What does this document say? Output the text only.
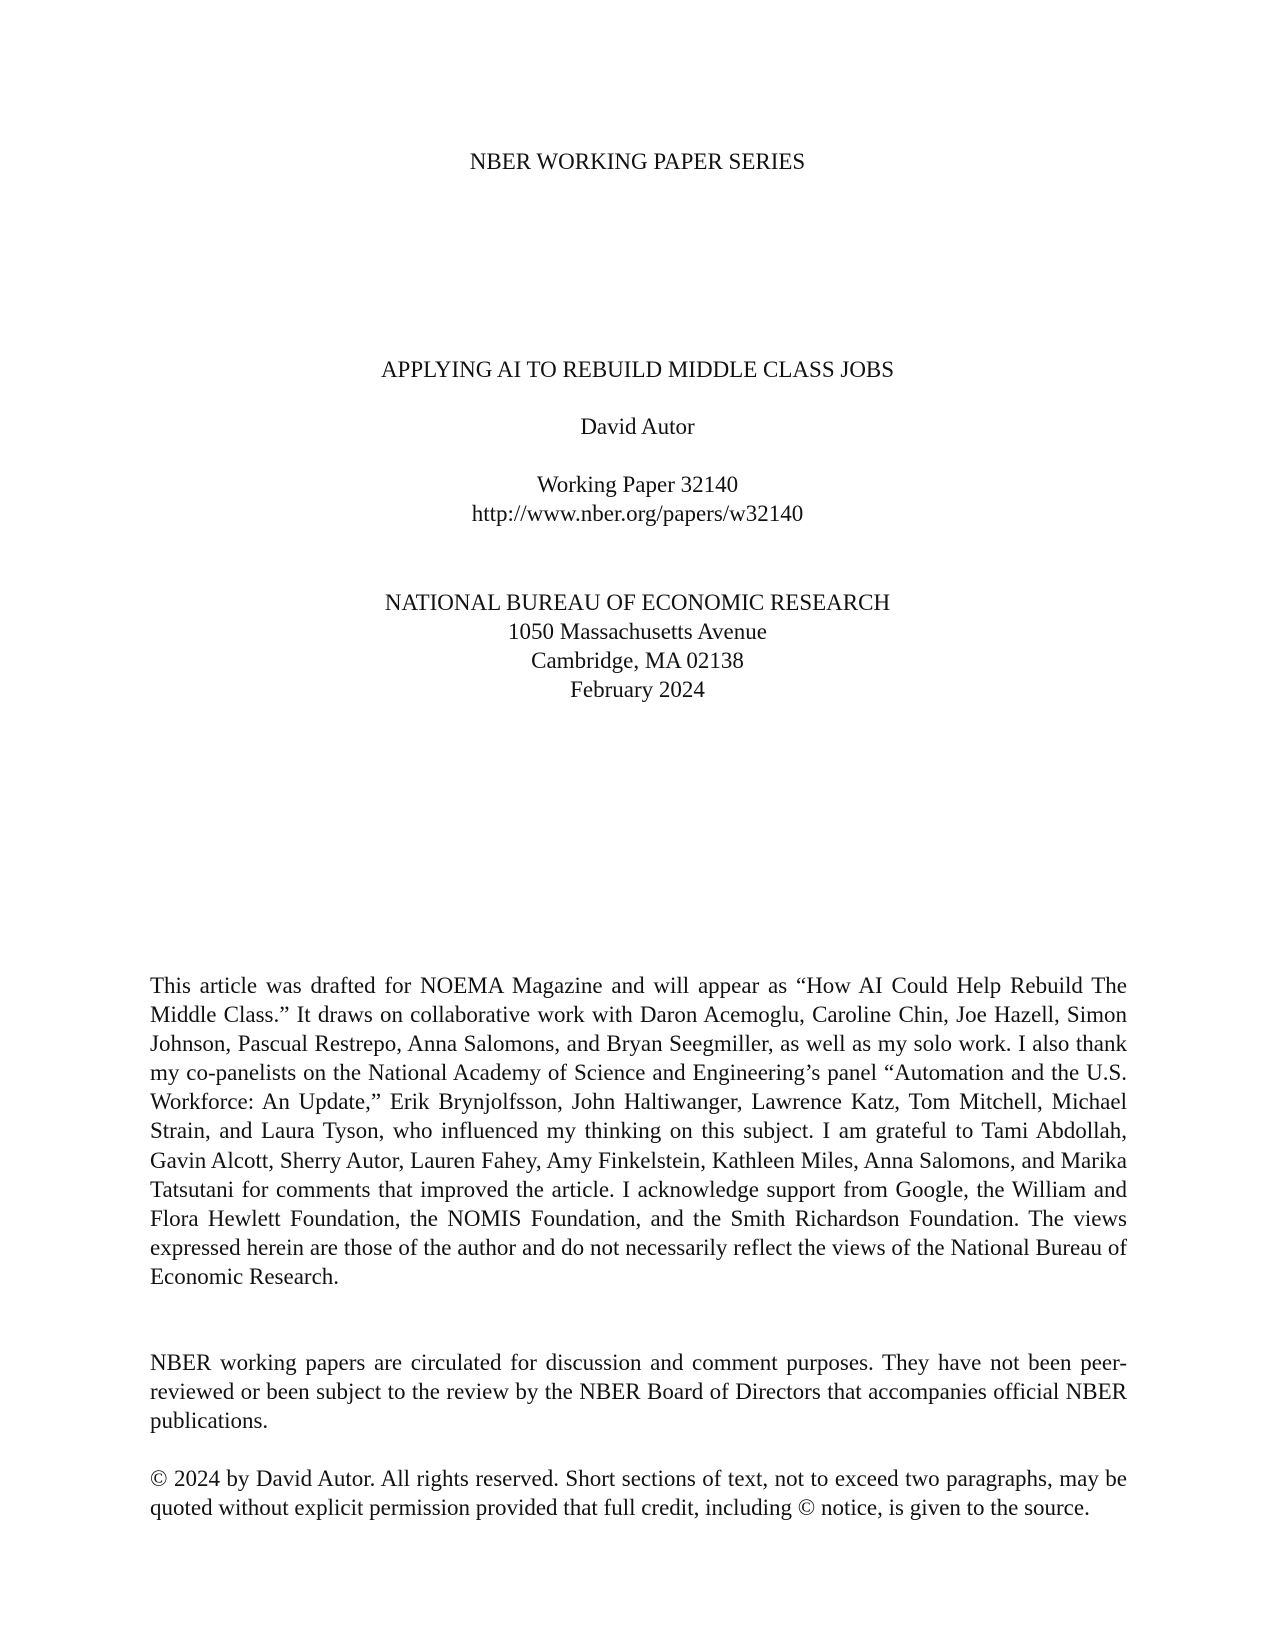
NBER WORKING PAPER SERIES

APPLYING AI TO REBUILD MIDDLE CLASS JOBS

David Autor

Working Paper 32140

http://www.nber.org/papers/w32140

NATIONAL BUREAU OF ECONOMIC RESEARCH

1050 Massachusetts Avenue

Cambridge, MA 02138

February 2024

This article was drafted for NOEMA Magazine and will appear as “How AI Could Help Rebuild The Middle Class.” It draws on collaborative work with Daron Acemoglu, Caroline Chin, Joe Hazell, Simon Johnson, Pascual Restrepo, Anna Salomons, and Bryan Seegmiller, as well as my solo work. I also thank my co-panelists on the National Academy of Science and Engineering’s panel “Automation and the U.S. Workforce: An Update,” Erik Brynjolfsson, John Haltiwanger, Lawrence Katz, Tom Mitchell, Michael Strain, and Laura Tyson, who influenced my thinking on this subject. I am grateful to Tami Abdollah, Gavin Alcott, Sherry Autor, Lauren Fahey, Amy Finkelstein, Kathleen Miles, Anna Salomons, and Marika Tatsutani for comments that improved the article. I acknowledge support from Google, the William and Flora Hewlett Foundation, the NOMIS Foundation, and the Smith Richardson Foundation. The views expressed herein are those of the author and do not necessarily reflect the views of the National Bureau of Economic Research.

NBER working papers are circulated for discussion and comment purposes. They have not been peer-reviewed or been subject to the review by the NBER Board of Directors that accompanies official NBER publications.

© 2024 by David Autor. All rights reserved. Short sections of text, not to exceed two paragraphs, may be quoted without explicit permission provided that full credit, including © notice, is given to the source.
